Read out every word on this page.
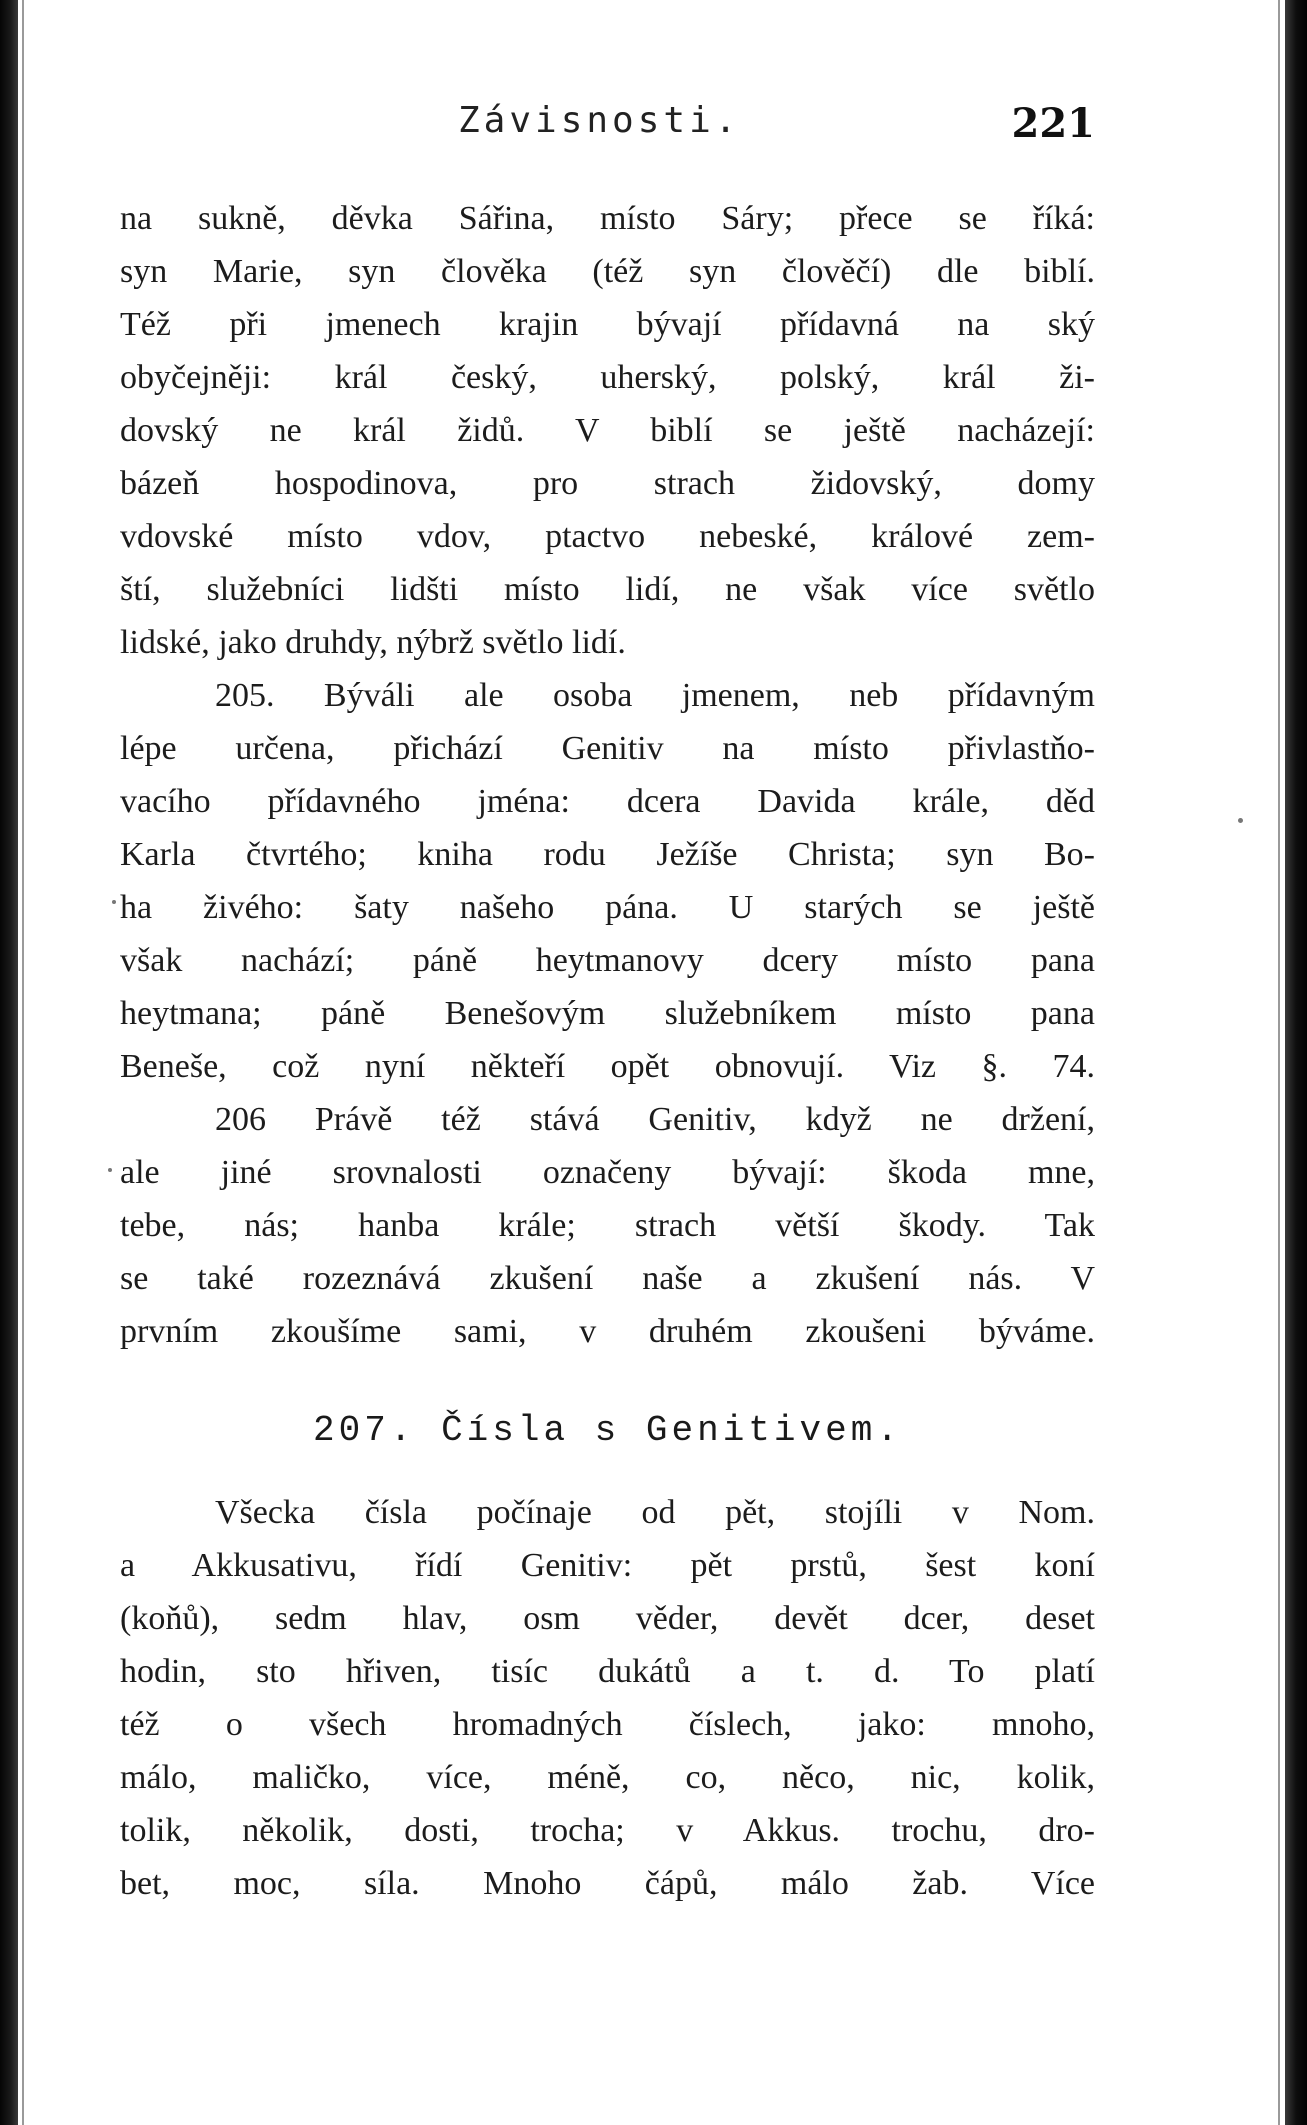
Závisnosti.	221
na sukně, děvka Sářina, místo Sáry; přece se říká:
syn Marie, syn člověka (též syn člověčí) dle biblí.
Též při jmenech krajin bývají přídavná na ský
obyčejněji: král český, uherský, polský, král ži-
dovský ne král židů. V biblí se ještě nacházejí:
bázeň hospodinova, pro strach židovský, domy
vdovské místo vdov, ptactvo nebeské, králové zem-
ští, služebníci lidšti místo lidí, ne však více světlo
lidské, jako druhdy, nýbrž světlo lidí.
205. Býváli ale osoba jmenem, neb přídavným
lépe určena, přichází Genitiv na místo přivlastňo-
vacího přídavného jména: dcera Davida krále, děd
Karla čtvrtého; kniha rodu Ježíše Christa; syn Bo-
ha živého: šaty našeho pána. U starých se ještě
však nachází; páně heytmanovy dcery místo pana
heytmana; páně Benešovým služebníkem místo pana
Beneše, což nyní někteří opět obnovují. Viz §. 74.
206 Právě též stává Genitiv, když ne držení,
ale jiné srovnalosti označeny bývají: škoda mne,
tebe, nás; hanba krále; strach větší škody. Tak
se také rozeznává zkušení naše a zkušení nás. V
prvním zkoušíme sami, v druhém zkoušeni býváme.
207. Čísla s Genitivem.
Všecka čísla počínaje od pět, stojíli v Nom.
a Akkusativu, řídí Genitiv: pět prstů, šest koní
(koňů), sedm hlav, osm věder, devět dcer, deset
hodin, sto hřiven, tisíc dukátů a t. d. To platí
též o všech hromadných číslech, jako: mnoho,
málo, maličko, více, méně, co, něco, nic, kolik,
tolik, několik, dosti, trocha; v Akkus. trochu, dro-
bet, moc, síla. Mnoho čápů, málo žab. Více
